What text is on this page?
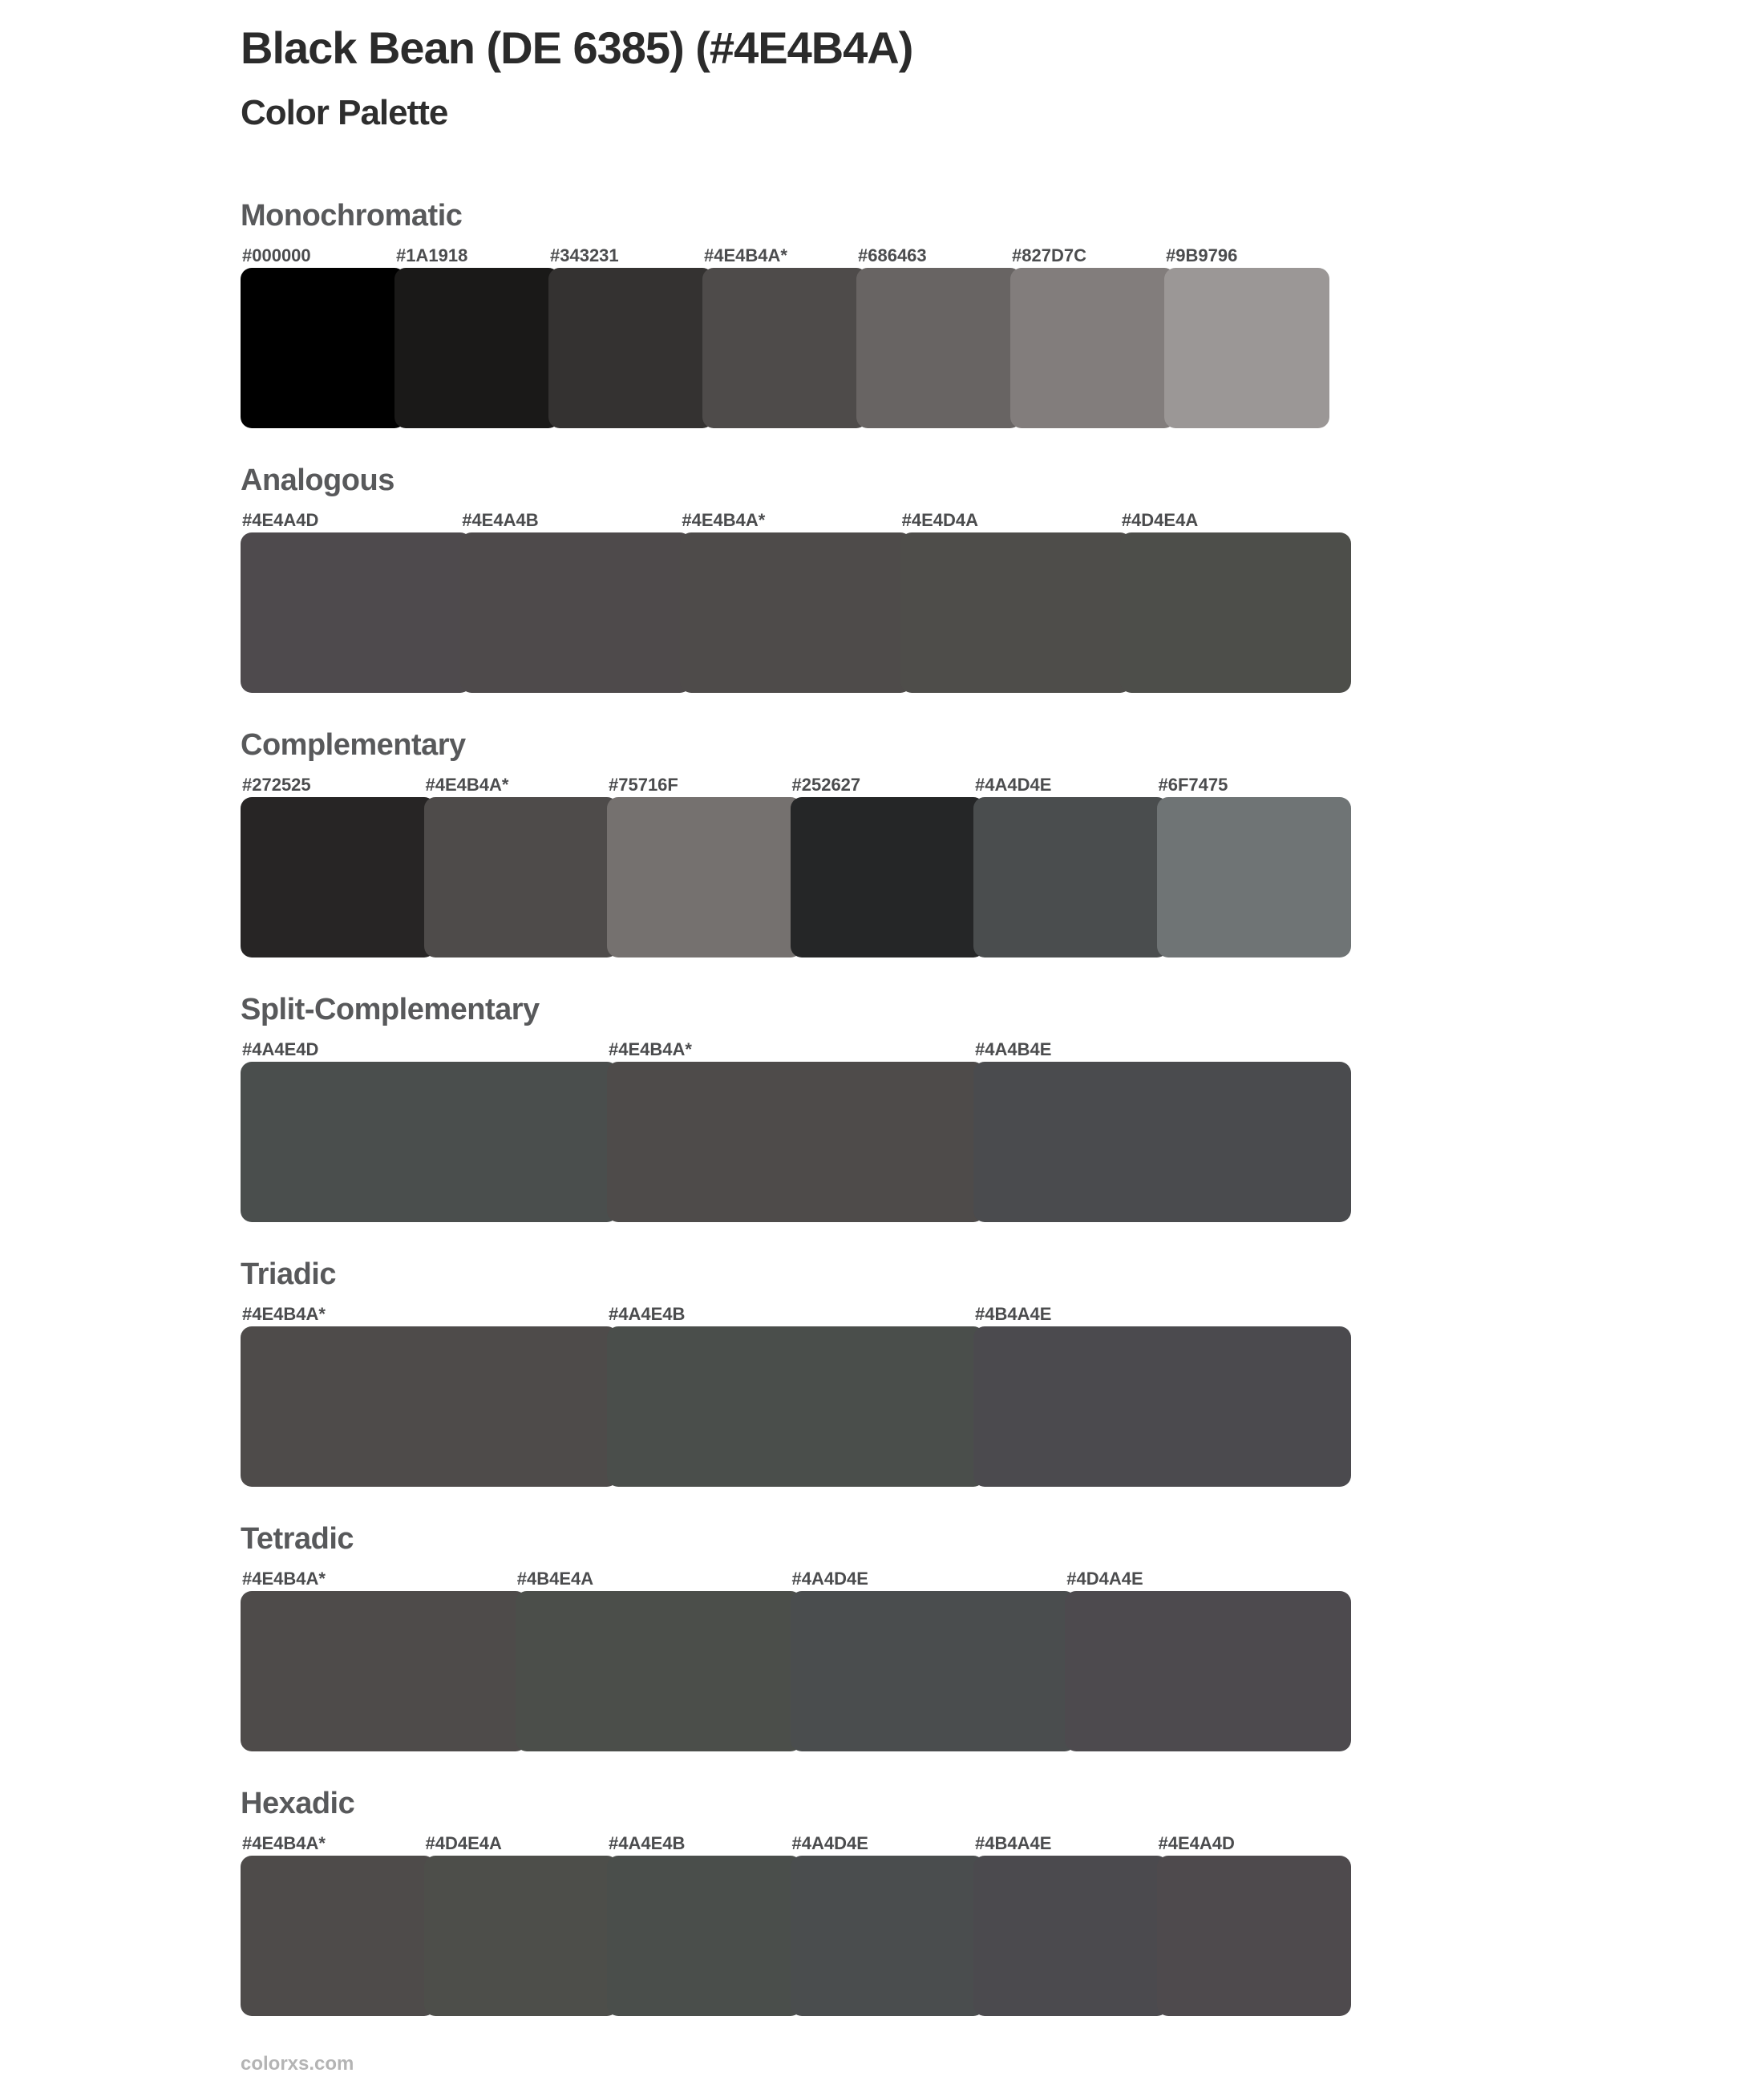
Black Bean (DE 6385) (#4E4B4A)
Color Palette
Monochromatic
#000000	#1A1918	#343231	#4E4B4A*	#686463	#827D7C	#9B9796
Analogous
#4E4A4D	#4E4A4B	#4E4B4A*	#4E4D4A	#4D4E4A
Complementary
#272525	#4E4B4A*	#75716F	#252627	#4A4D4E	#6F7475
Split-Complementary
#4A4E4D	#4E4B4A*	#4A4B4E
Triadic
#4E4B4A*	#4A4E4B	#4B4A4E
Tetradic
#4E4B4A*	#4B4E4A	#4A4D4E	#4D4A4E
Hexadic
#4E4B4A*	#4D4E4A	#4A4E4B	#4A4D4E	#4B4A4E	#4E4A4D
colorxs.com
